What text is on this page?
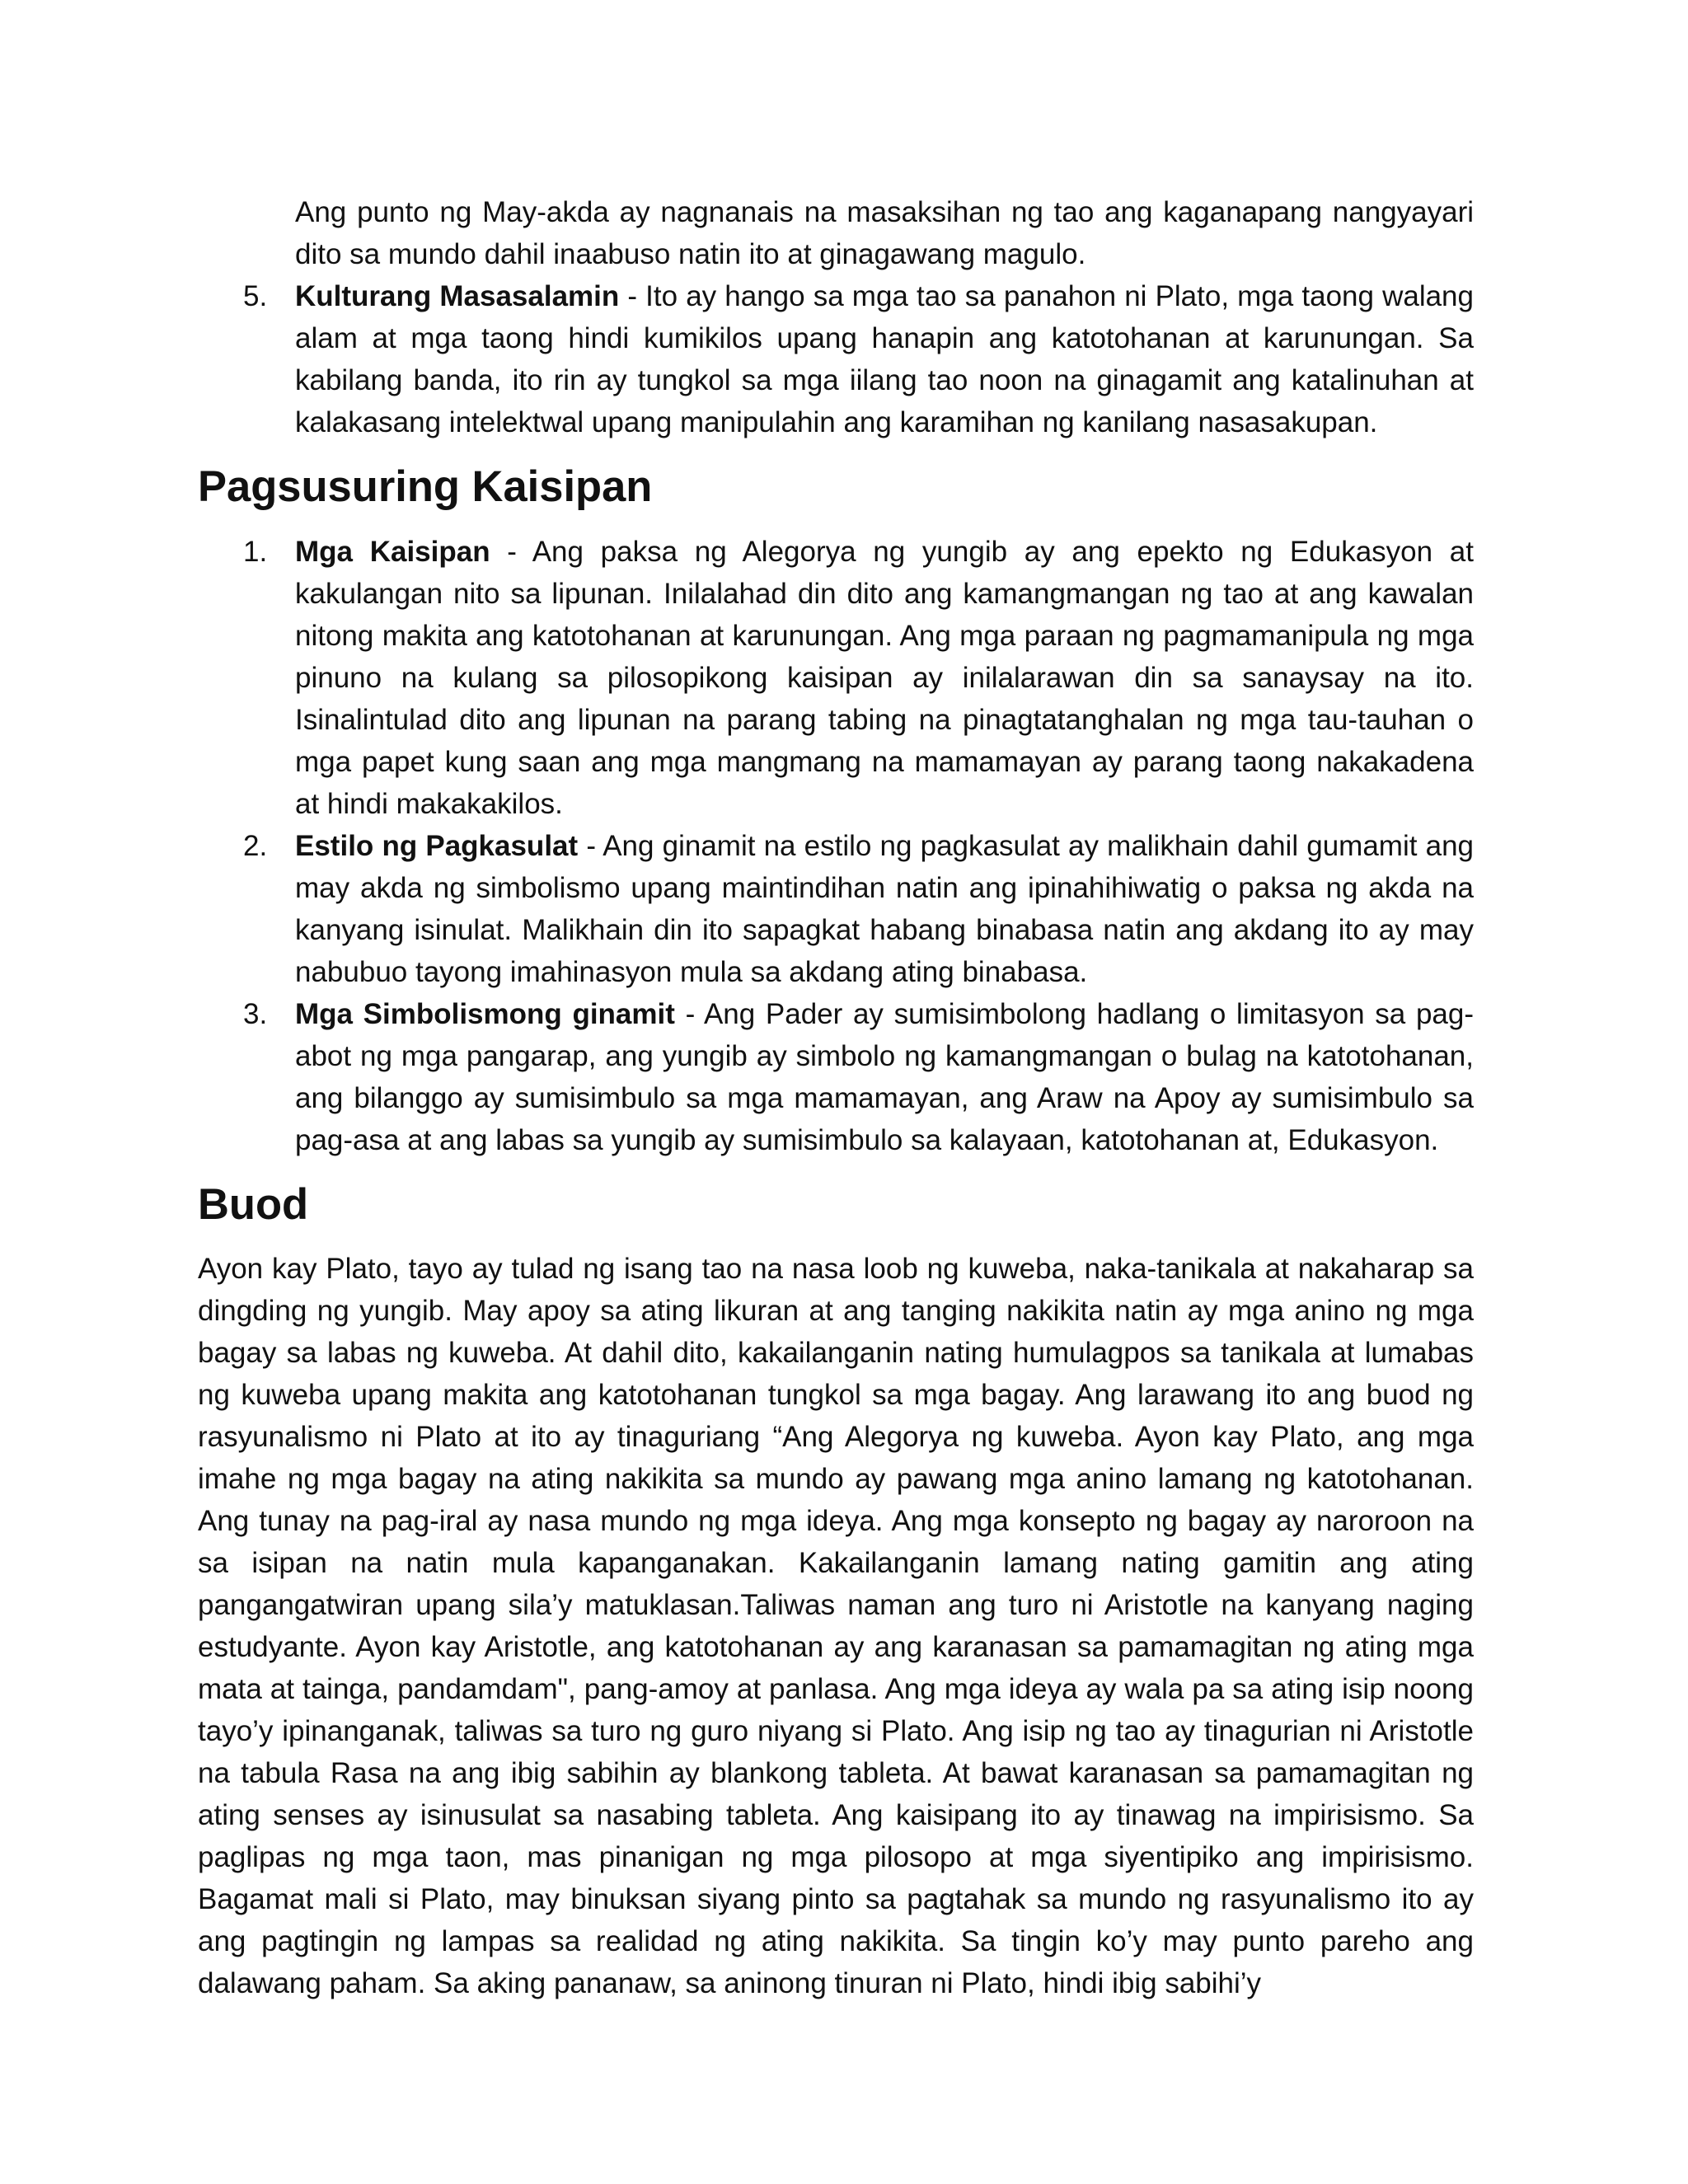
Ang punto ng May-akda ay nagnanais na masaksihan ng tao ang kaganapang nangyayari dito sa mundo dahil inaabuso natin ito at ginagawang magulo.

5. Kulturang Masasalamin - Ito ay hango sa mga tao sa panahon ni Plato, mga taong walang alam at mga taong hindi kumikilos upang hanapin ang katotohanan at karunungan. Sa kabilang banda, ito rin ay tungkol sa mga iilang tao noon na ginagamit ang katalinuhan at kalakasang intelektwal upang manipulahin ang karamihan ng kanilang nasasakupan.
Pagsusuring Kaisipan
1. Mga Kaisipan - Ang paksa ng Alegorya ng yungib ay ang epekto ng Edukasyon at kakulangan nito sa lipunan. Inilalahad din dito ang kamangmangan ng tao at ang kawalan nitong makita ang katotohanan at karunungan. Ang mga paraan ng pagmamanipula ng mga pinuno na kulang sa pilosopikong kaisipan ay inilalarawan din sa sanaysay na ito. Isinalintulad dito ang lipunan na parang tabing na pinagtatanghalan ng mga tau-tauhan o mga papet kung saan ang mga mangmang na mamamayan ay parang taong nakakadena at hindi makakakilos.
2. Estilo ng Pagkasulat - Ang ginamit na estilo ng pagkasulat ay malikhain dahil gumamit ang may akda ng simbolismo upang maintindihan natin ang ipinahihiwatig o paksa ng akda na kanyang isinulat. Malikhain din ito sapagkat habang binabasa natin ang akdang ito ay may nabubuo tayong imahinasyon mula sa akdang ating binabasa.
3. Mga Simbolismong ginamit - Ang Pader ay sumisimbolong hadlang o limitasyon sa pag-abot ng mga pangarap, ang yungib ay simbolo ng kamangmangan o bulag na katotohanan, ang bilanggo ay sumisimbulo sa mga mamamayan, ang Araw na Apoy ay sumisimbulo sa pag-asa at ang labas sa yungib ay sumisimbulo sa kalayaan, katotohanan at, Edukasyon.
Buod

Ayon kay Plato, tayo ay tulad ng isang tao na nasa loob ng kuweba, naka-tanikala at nakaharap sa dingding ng yungib. May apoy sa ating likuran at ang tanging nakikita natin ay mga anino ng mga bagay sa labas ng kuweba. At dahil dito, kakailanganin nating humulagpos sa tanikala at lumabas ng kuweba upang makita ang katotohanan tungkol sa mga bagay. Ang larawang ito ang buod ng rasyunalismo ni Plato at ito ay tinaguriang “Ang Alegorya ng kuweba. Ayon kay Plato, ang mga imahe ng mga bagay na ating nakikita sa mundo ay pawang mga anino lamang ng katotohanan. Ang tunay na pag-iral ay nasa mundo ng mga ideya. Ang mga konsepto ng bagay ay naroroon na sa isipan na natin mula kapanganakan. Kakailanganin lamang nating gamitin ang ating pangangatwiran upang sila’y matuklasan.Taliwas naman ang turo ni Aristotle na kanyang naging estudyante. Ayon kay Aristotle, ang katotohanan ay ang karanasan sa pamamagitan ng ating mga mata at tainga, pandamdam", pang-amoy at panlasa. Ang mga ideya ay wala pa sa ating isip noong tayo’y ipinanganak, taliwas sa turo ng guro niyang si Plato. Ang isip ng tao ay tinagurian ni Aristotle na tabula Rasa na ang ibig sabihin ay blankong tableta. At bawat karanasan sa pamamagitan ng ating senses ay isinusulat sa nasabing tableta. Ang kaisipang ito ay tinawag na impirisismo. Sa paglipas ng mga taon, mas pinanigan ng mga pilosopo at mga siyentipiko ang impirisismo. Bagamat mali si Plato, may binuksan siyang pinto sa pagtahak sa mundo ng rasyunalismo ito ay ang pagtingin ng lampas sa realidad ng ating nakikita. Sa tingin ko’y may punto pareho ang dalawang paham. Sa aking pananaw, sa aninong tinuran ni Plato, hindi ibig sabihi’y
